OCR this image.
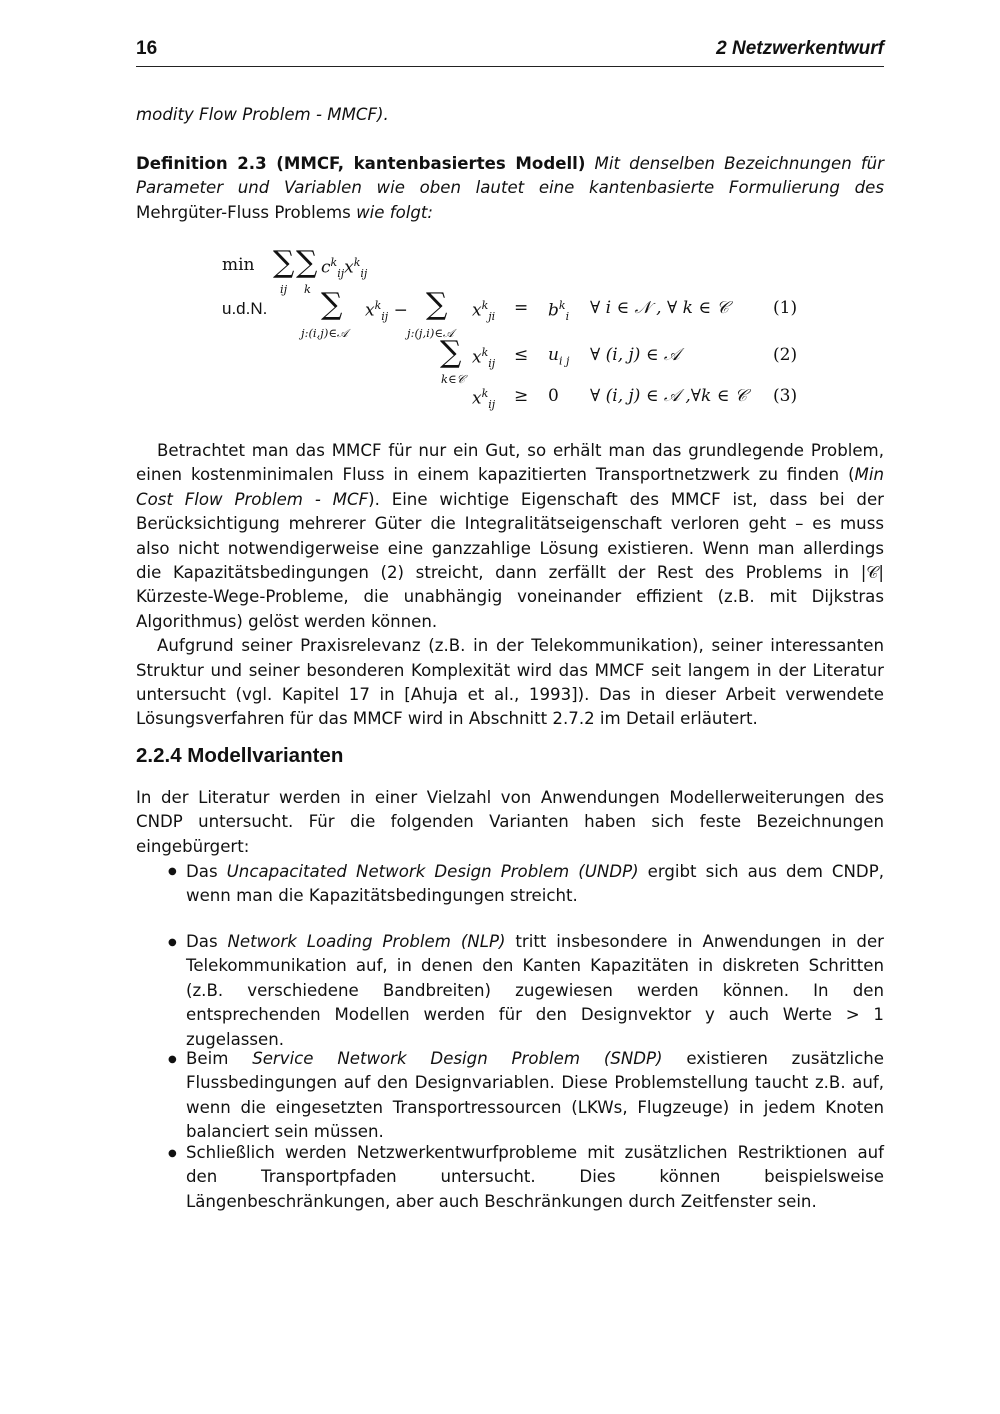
16	2 Netzwerkentwurf
modity Flow Problem - MMCF).
Definition 2.3 (MMCF, kantenbasiertes Modell) Mit denselben Bezeichnungen für Parameter und Variablen wie oben lautet eine kantenbasierte Formulierung des Mehrgüter-Fluss Problems wie folgt:
min ∑ ∑
ij k
$c^k_{ij}x^k_{ij}$
u.d.N. ∑
j:(i,j)∈𝒜
$x^k_{ij}$ − ∑
j:(j,i)∈𝒜
$x^k_{ji} = b^k_i$ ∀ i ∈ 𝒩 , ∀ k ∈ 𝒞	(1)
∑
k∈𝒞
$x^k_{ij} \le u_{i j}$ ∀ (i, j) ∈ 𝒜	(2)
$x^k_{ij} \ge 0$ ∀ (i, j) ∈ 𝒜 ,∀k ∈ 𝒞 (3)

Betrachtet man das MMCF für nur ein Gut, so erhält man das grundlegende Problem, einen kostenminimalen Fluss in einem kapazitierten Transportnetzwerk zu finden (Min Cost Flow Problem - MCF). Eine wichtige Eigenschaft des MMCF ist, dass bei der Berücksichtigung mehrerer Güter die Integralitätseigenschaft verloren geht – es muss also nicht notwendigerweise eine ganzzahlige Lösung existieren. Wenn man allerdings die Kapazitätsbedingungen (2) streicht, dann zerfällt der Rest des Problems in |𝒞| Kürzeste-Wege-Probleme, die unabhängig voneinander effizient (z.B. mit Dijkstras Algorithmus) gelöst werden können.

Aufgrund seiner Praxisrelevanz (z.B. in der Telekommunikation), seiner interessanten Struktur und seiner besonderen Komplexität wird das MMCF seit langem in der Literatur untersucht (vgl. Kapitel 17 in [Ahuja et al., 1993]). Das in dieser Arbeit verwendete Lösungsverfahren für das MMCF wird in Abschnitt 2.7.2 im Detail erläutert.

2.2.4 Modellvarianten
In der Literatur werden in einer Vielzahl von Anwendungen Modellerweiterungen des CNDP untersucht. Für die folgenden Varianten haben sich feste Bezeichnungen eingebürgert:
● Das Uncapacitated Network Design Problem (UNDP) ergibt sich aus dem CNDP, wenn man die Kapazitätsbedingungen streicht.
● Das Network Loading Problem (NLP) tritt insbesondere in Anwendungen in der Telekommunikation auf, in denen den Kanten Kapazitäten in diskreten Schritten (z.B. verschiedene Bandbreiten) zugewiesen werden können. In den entsprechenden Modellen werden für den Designvektor y auch Werte > 1 zugelassen.
● Beim Service Network Design Problem (SNDP) existieren zusätzliche Flussbedingungen auf den Designvariablen. Diese Problemstellung taucht z.B. auf, wenn die eingesetzten Transportressourcen (LKWs, Flugzeuge) in jedem Knoten balanciert sein müssen.
● Schließlich werden Netzwerkentwurfprobleme mit zusätzlichen Restriktionen auf den Transportpfaden untersucht. Dies können beispielsweise Längenbeschränkungen, aber auch Beschränkungen durch Zeitfenster sein.
